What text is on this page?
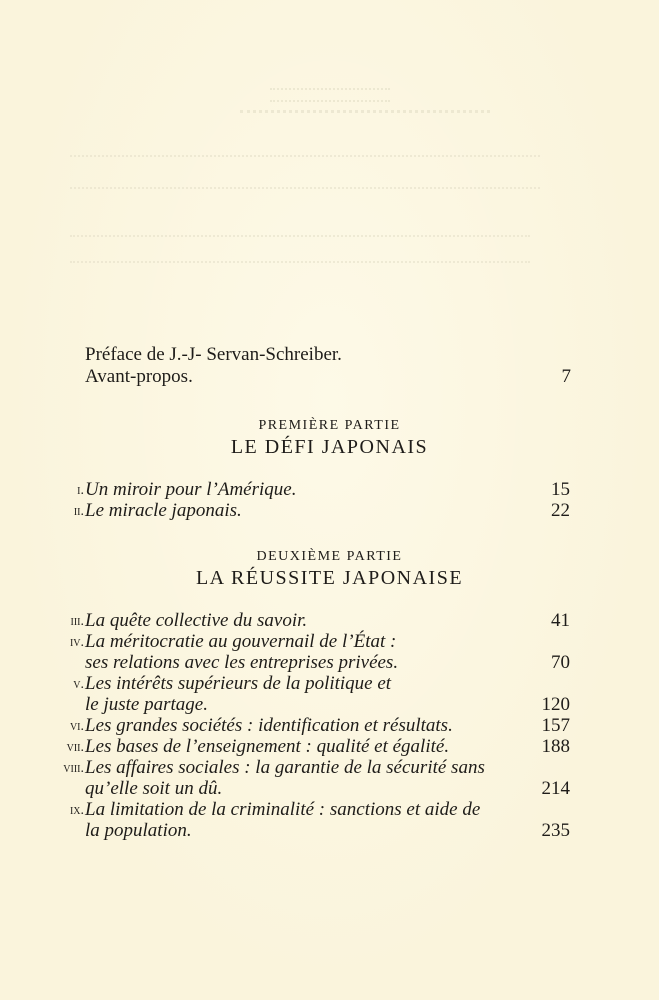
Préface de J.-J- Servan-Schreiber.
Avant-propos.	7
PREMIÈRE PARTIE
LE DÉFI JAPONAIS
i. Un miroir pour l’Amérique.	15
ii. Le miracle japonais.	22
DEUXIÈME PARTIE
LA RÉUSSITE JAPONAISE
iii. La quête collective du savoir.	41
iv. La méritocratie au gouvernail de l’État :
ses relations avec les entreprises privées.	70
v. Les intérêts supérieurs de la politique et
le juste partage.	120
vi. Les grandes sociétés : identification et résultats.	157
vii. Les bases de l’enseignement : qualité et égalité.	188
viii. Les affaires sociales : la garantie de la sécurité sans
qu’elle soit un dû.	214
ix. La limitation de la criminalité : sanctions et aide de
la population.	235
